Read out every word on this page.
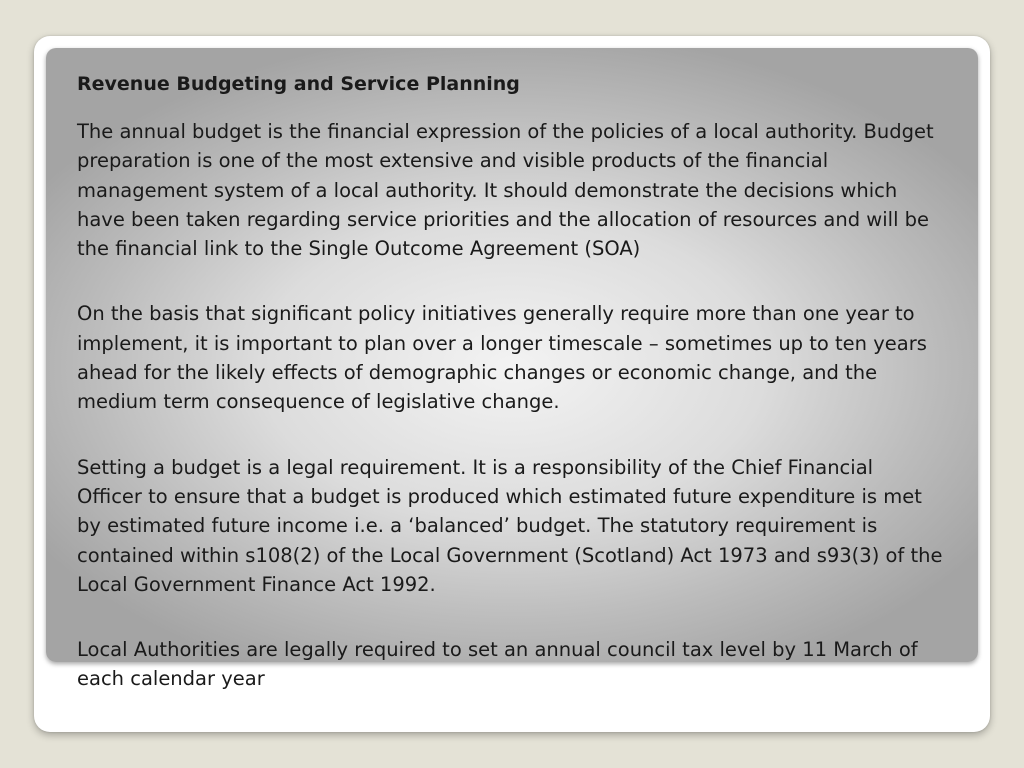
Revenue Budgeting and Service Planning
The annual budget is the financial expression of the policies of a local authority. Budget
preparation is one of the most extensive and visible products of the financial
management system of a local authority. It should demonstrate the decisions which
have been taken regarding service priorities and the allocation of resources and will be
the financial link to the Single Outcome Agreement (SOA)
On the basis that significant policy initiatives generally require more than one year to
implement, it is important to plan over a longer timescale – sometimes up to ten years
ahead for the likely effects of demographic changes or economic change, and the
medium term consequence of legislative change.
Setting a budget is a legal requirement. It is a responsibility of the Chief Financial
Officer to ensure that a budget is produced which estimated future expenditure is met
by estimated future income i.e. a ‘balanced’ budget. The statutory requirement is
contained within s108(2) of the Local Government (Scotland) Act 1973 and s93(3) of the
Local Government Finance Act 1992.
Local Authorities are legally required to set an annual council tax level by 11 March of
each calendar year
